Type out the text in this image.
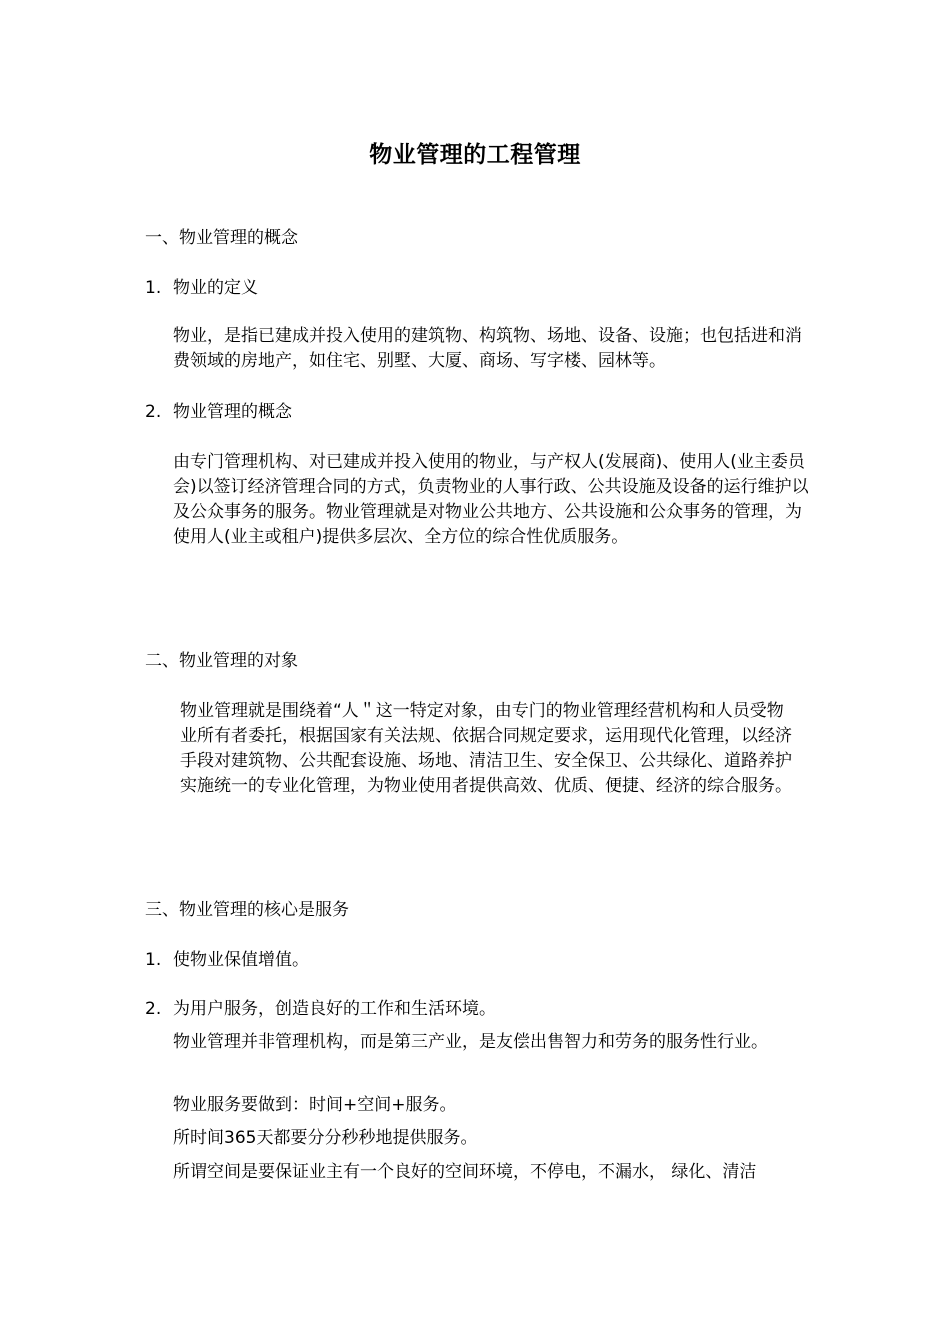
物业管理的工程管理
一、物业管理的概念
1. 物业的定义
物业，是指已建成并投入使用的建筑物、构筑物、场地、设备、设施；也包括进和消费领域的房地产，如住宅、别墅、大厦、商场、写字楼、园林等。
2. 物业管理的概念
由专门管理机构、对已建成并投入使用的物业，与产权人(发展商)、使用人(业主委员会)以签订经济管理合同的方式，负责物业的人事行政、公共设施及设备的运行维护以及公众事务的服务。物业管理就是对物业公共地方、公共设施和公众事务的管理，为使用人(业主或租户)提供多层次、全方位的综合性优质服务。
二、物业管理的对象
物业管理就是围绕着“人＂这一特定对象，由专门的物业管理经营机构和人员受物业所有者委托，根据国家有关法规、依据合同规定要求，运用现代化管理，以经济手段对建筑物、公共配套设施、场地、清洁卫生、安全保卫、公共绿化、道路养护实施统一的专业化管理，为物业使用者提供高效、优质、便捷、经济的综合服务。
三、物业管理的核心是服务
1. 使物业保值增值。
2. 为用户服务，创造良好的工作和生活环境。
物业管理并非管理机构，而是第三产业，是友偿出售智力和劳务的服务性行业。
物业服务要做到：时间+空间+服务。
所时间365天都要分分秒秒地提供服务。
所谓空间是要保证业主有一个良好的空间环境，不停电，不漏水， 绿化、清洁
